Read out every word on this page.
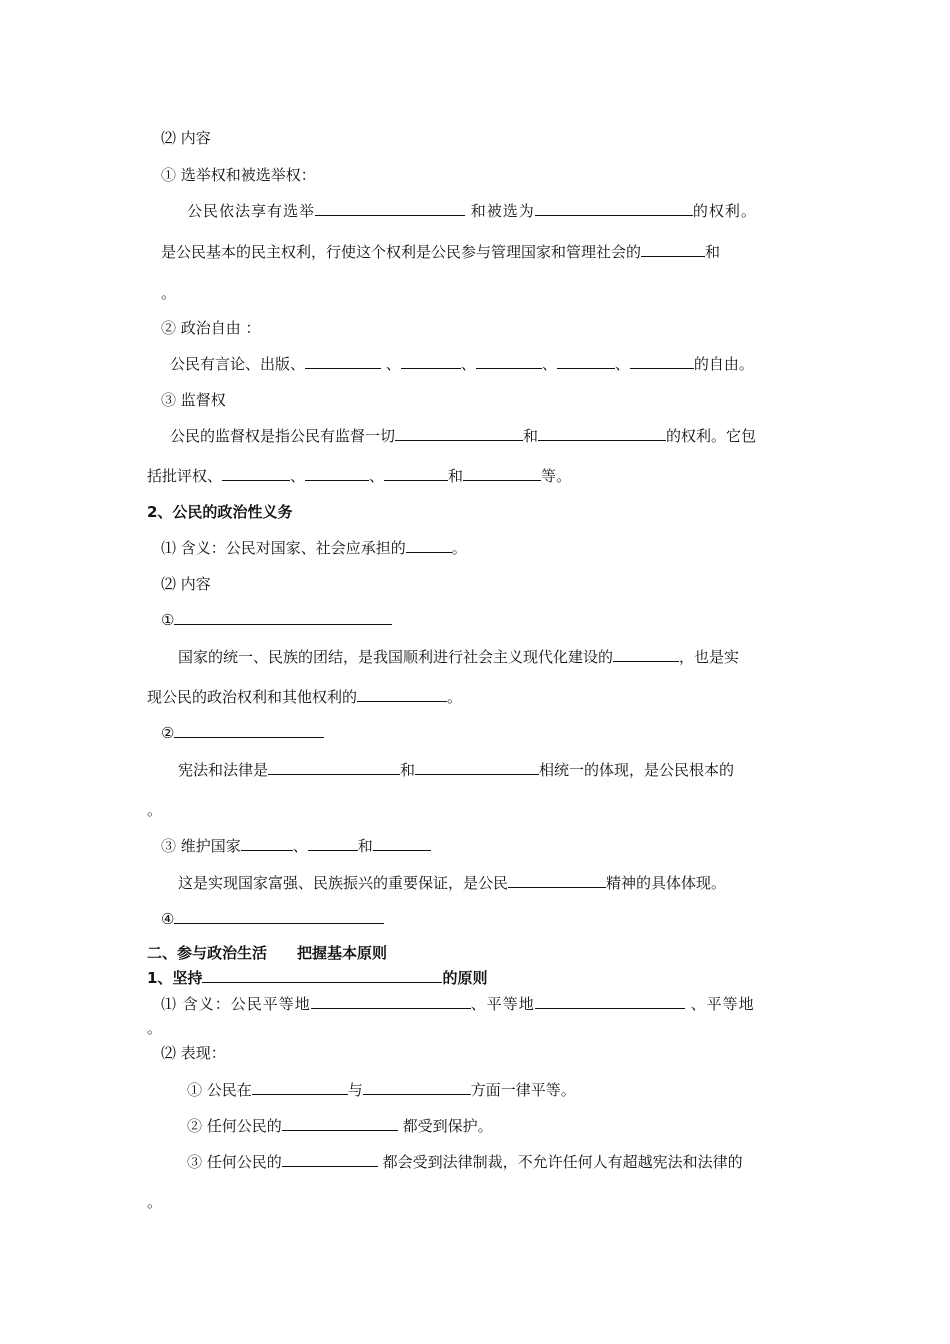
⑵ 内容
① 选举权和被选举权：
公民依法享有选举	和被选为	的权利。
是公民基本的民主权利，行使这个权利是公民参与管理国家和管理社会的	和
。
② 政治自由 ：
公民有言论、出版、	、	、	、	、	的自由。
③ 监督权
公民的监督权是指公民有监督一切	和	的权利。它包
括批评权、	、	、	和	等。
2、公民的政治性义务
⑴ 含义：公民对国家、社会应承担的	。
⑵ 内容
①
国家的统一、民族的团结，是我国顺利进行社会主义现代化建设的	，也是实
现公民的政治权利和其他权利的	。
②
宪法和法律是	和	相统一的体现，是公民根本的
。
③ 维护国家	、	和
这是实现国家富强、民族振兴的重要保证，是公民	精神的具体体现。
④
二、参与政治生活　　把握基本原则
1、坚持	的原则
⑴ 含义：公民平等地	、平等地	、平等地
。
⑵ 表现：
① 公民在	与	方面一律平等。
② 任何公民的	都受到保护。
③ 任何公民的	都会受到法律制裁，不允许任何人有超越宪法和法律的
。
